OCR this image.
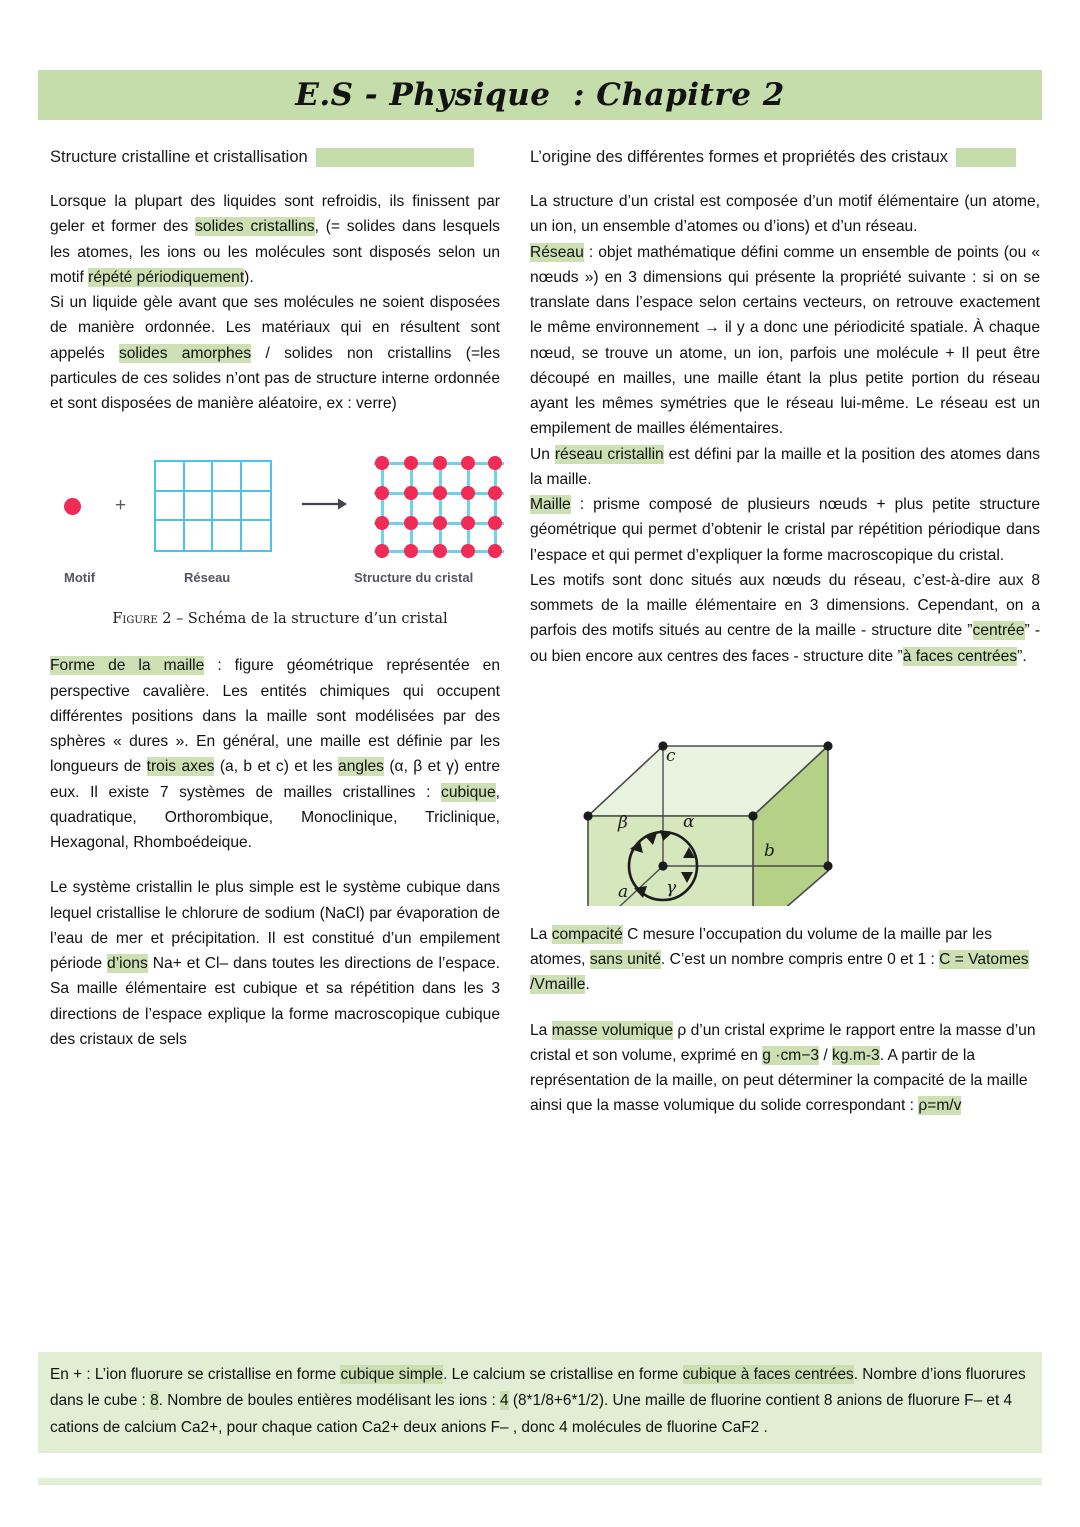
E.S - Physique  : Chapitre 2
Structure cristalline et cristallisation

Lorsque la plupart des liquides sont refroidis, ils finissent par geler et former des solides cristallins, (= solides dans lesquels les atomes, les ions ou les molécules sont disposés selon un motif répété périodiquement).

Si un liquide gèle avant que ses molécules ne soient disposées de manière ordonnée. Les matériaux qui en résultent sont appelés solides amorphes / solides non cristallins (=les particules de ces solides n’ont pas de structure interne ordonnée et sont disposées de manière aléatoire, ex : verre)

+
Motif	Réseau	Structure du cristal
Figure 2 – Schéma de la structure d’un cristal

Forme de la maille : figure géométrique représentée en perspective cavalière. Les entités chimiques qui occupent différentes positions dans la maille sont modélisées par des sphères « dures ». En général, une maille est définie par les longueurs de trois axes (a, b et c) et les angles (α, β et γ) entre eux. Il existe 7 systèmes de mailles cristallines : cubique, quadratique, Orthorombique, Monoclinique, Triclinique, Hexagonal, Rhomboédeique.

Le système cristallin le plus simple est le système cubique dans lequel cristallise le chlorure de sodium (NaCl) par évaporation de l’eau de mer et précipitation. Il est constitué d’un empilement période d’ions Na+ et Cl– dans toutes les directions de l’espace. Sa maille élémentaire est cubique et sa répétition dans les 3 directions de l’espace explique la forme macroscopique cubique des cristaux de sels

L’origine des différentes formes et propriétés des cristaux

La structure d’un cristal est composée d’un motif élémentaire (un atome, un ion, un ensemble d’atomes ou d’ions) et d’un réseau.

Réseau : objet mathématique défini comme un ensemble de points (ou « nœuds ») en 3 dimensions qui présente la propriété suivante : si on se translate dans l’espace selon certains vecteurs, on retrouve exactement le même environnement → il y a donc une périodicité spatiale. À chaque nœud, se trouve un atome, un ion, parfois une molécule + Il peut être découpé en mailles, une maille étant la plus petite portion du réseau ayant les mêmes symétries que le réseau lui-même. Le réseau est un empilement de mailles élémentaires.

Un réseau cristallin est défini par la maille et la position des atomes dans la maille.

Maille : prisme composé de plusieurs nœuds + plus petite structure géométrique qui permet d’obtenir le cristal par répétition périodique dans l’espace et qui permet d’expliquer la forme macroscopique du cristal.

Les motifs sont donc situés aux nœuds du réseau, c’est-à-dire aux 8 sommets de la maille élémentaire en 3 dimensions. Cependant, on a parfois des motifs situés au centre de la maille - structure dite ”centrée” - ou bien encore aux centres des faces - structure dite ”à faces centrées”.

c
b
a
α
β
γ

La compacité C mesure l’occupation du volume de la maille par les atomes, sans unité. C’est un nombre compris entre 0 et 1 : C = Vatomes /Vmaille.

La masse volumique ρ d’un cristal exprime le rapport entre la masse d’un cristal et son volume, exprimé en g ·cm−3 / kg.m-3. A partir de la représentation de la maille, on peut déterminer la compacité de la maille ainsi que la masse volumique du solide correspondant : ρ=m/v

En + : L’ion fluorure se cristallise en forme cubique simple. Le calcium se cristallise en forme cubique à faces centrées. Nombre d’ions fluorures dans le cube : 8. Nombre de boules entières modélisant les ions : 4 (8*1/8+6*1/2). Une maille de fluorine contient 8 anions de fluorure F– et 4 cations de calcium Ca2+, pour chaque cation Ca2+ deux anions F– , donc 4 molécules de fluorine CaF2 .
